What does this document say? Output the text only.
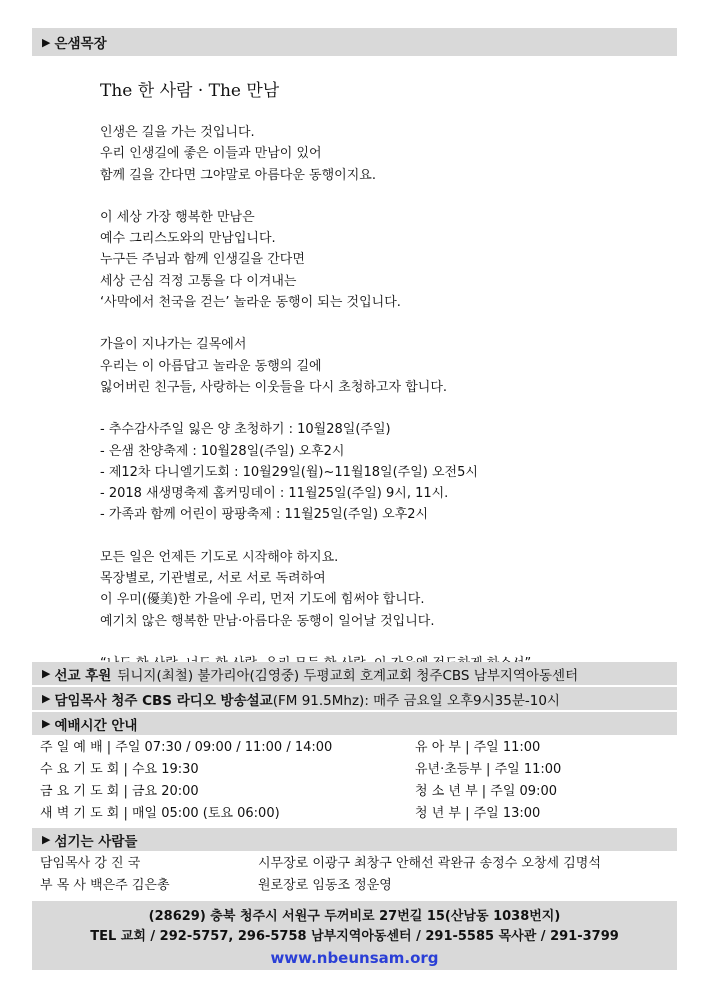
▶ 은샘목장
The 한 사람 · The 만남
인생은 길을 가는 것입니다.
우리 인생길에 좋은 이들과 만남이 있어
함께 길을 간다면 그야말로 아름다운 동행이지요.
이 세상 가장 행복한 만남은
예수 그리스도와의 만남입니다.
누구든 주님과 함께 인생길을 간다면
세상 근심 걱정 고통을 다 이겨내는
‘사막에서 천국을 걷는’ 놀라운 동행이 되는 것입니다.
가을이 지나가는 길목에서
우리는 이 아름답고 놀라운 동행의 길에
잃어버린 친구들, 사랑하는 이웃들을 다시 초청하고자 합니다.
- 추수감사주일 잃은 양 초청하기 : 10월28일(주일)
- 은샘 찬양축제 : 10월28일(주일) 오후2시
- 제12차 다니엘기도회 : 10월29일(월)~11월18일(주일) 오전5시
- 2018 새생명축제 홈커밍데이 : 11월25일(주일) 9시, 11시.
- 가족과 함께 어린이 팡팡축제 : 11월25일(주일) 오후2시
모든 일은 언제든 기도로 시작해야 하지요.
목장별로, 기관별로, 서로 서로 독려하여
이 우미(優美)한 가을에 우리, 먼저 기도에 힘써야 합니다.
예기치 않은 행복한 만남·아름다운 동행이 일어날 것입니다.
▶ 선교 후원 뒤니지(최철) 불가리아(김영중) 두평교회 호계교회 청주CBS 남부지역아동센터
▶ 담임목사 청주 CBS 라디오 방송설교 (FM 91.5Mhz): 매주 금요일 오후9시35분-10시
▶ 예배시간 안내
주 일 예 배 | 주일 07:30 / 09:00 / 11:00 / 14:00
수 요 기 도 회 | 수요 19:30
금 요 기 도 회 | 금요 20:00
새 벽 기 도 회 | 매일 05:00 (토요 06:00)
유 아 부 | 주일 11:00
유년·초등부 | 주일 11:00
청 소 년 부 | 주일 09:00
청 년 부 | 주일 13:00
▶ 섬기는 사람들
담임목사 강 진 국
부 목 사 백은주 김은총
시무장로 이광구 최창구 안해선 곽완규 송정수 오창세 김명석
원로장로 임동조 정운영
(28629) 충북 청주시 서원구 두꺼비로 27번길 15(산남동 1038번지)
TEL 교회 / 292-5757, 296-5758 남부지역아동센터 / 291-5585 목사관 / 291-3799
www.nbeunsam.org
